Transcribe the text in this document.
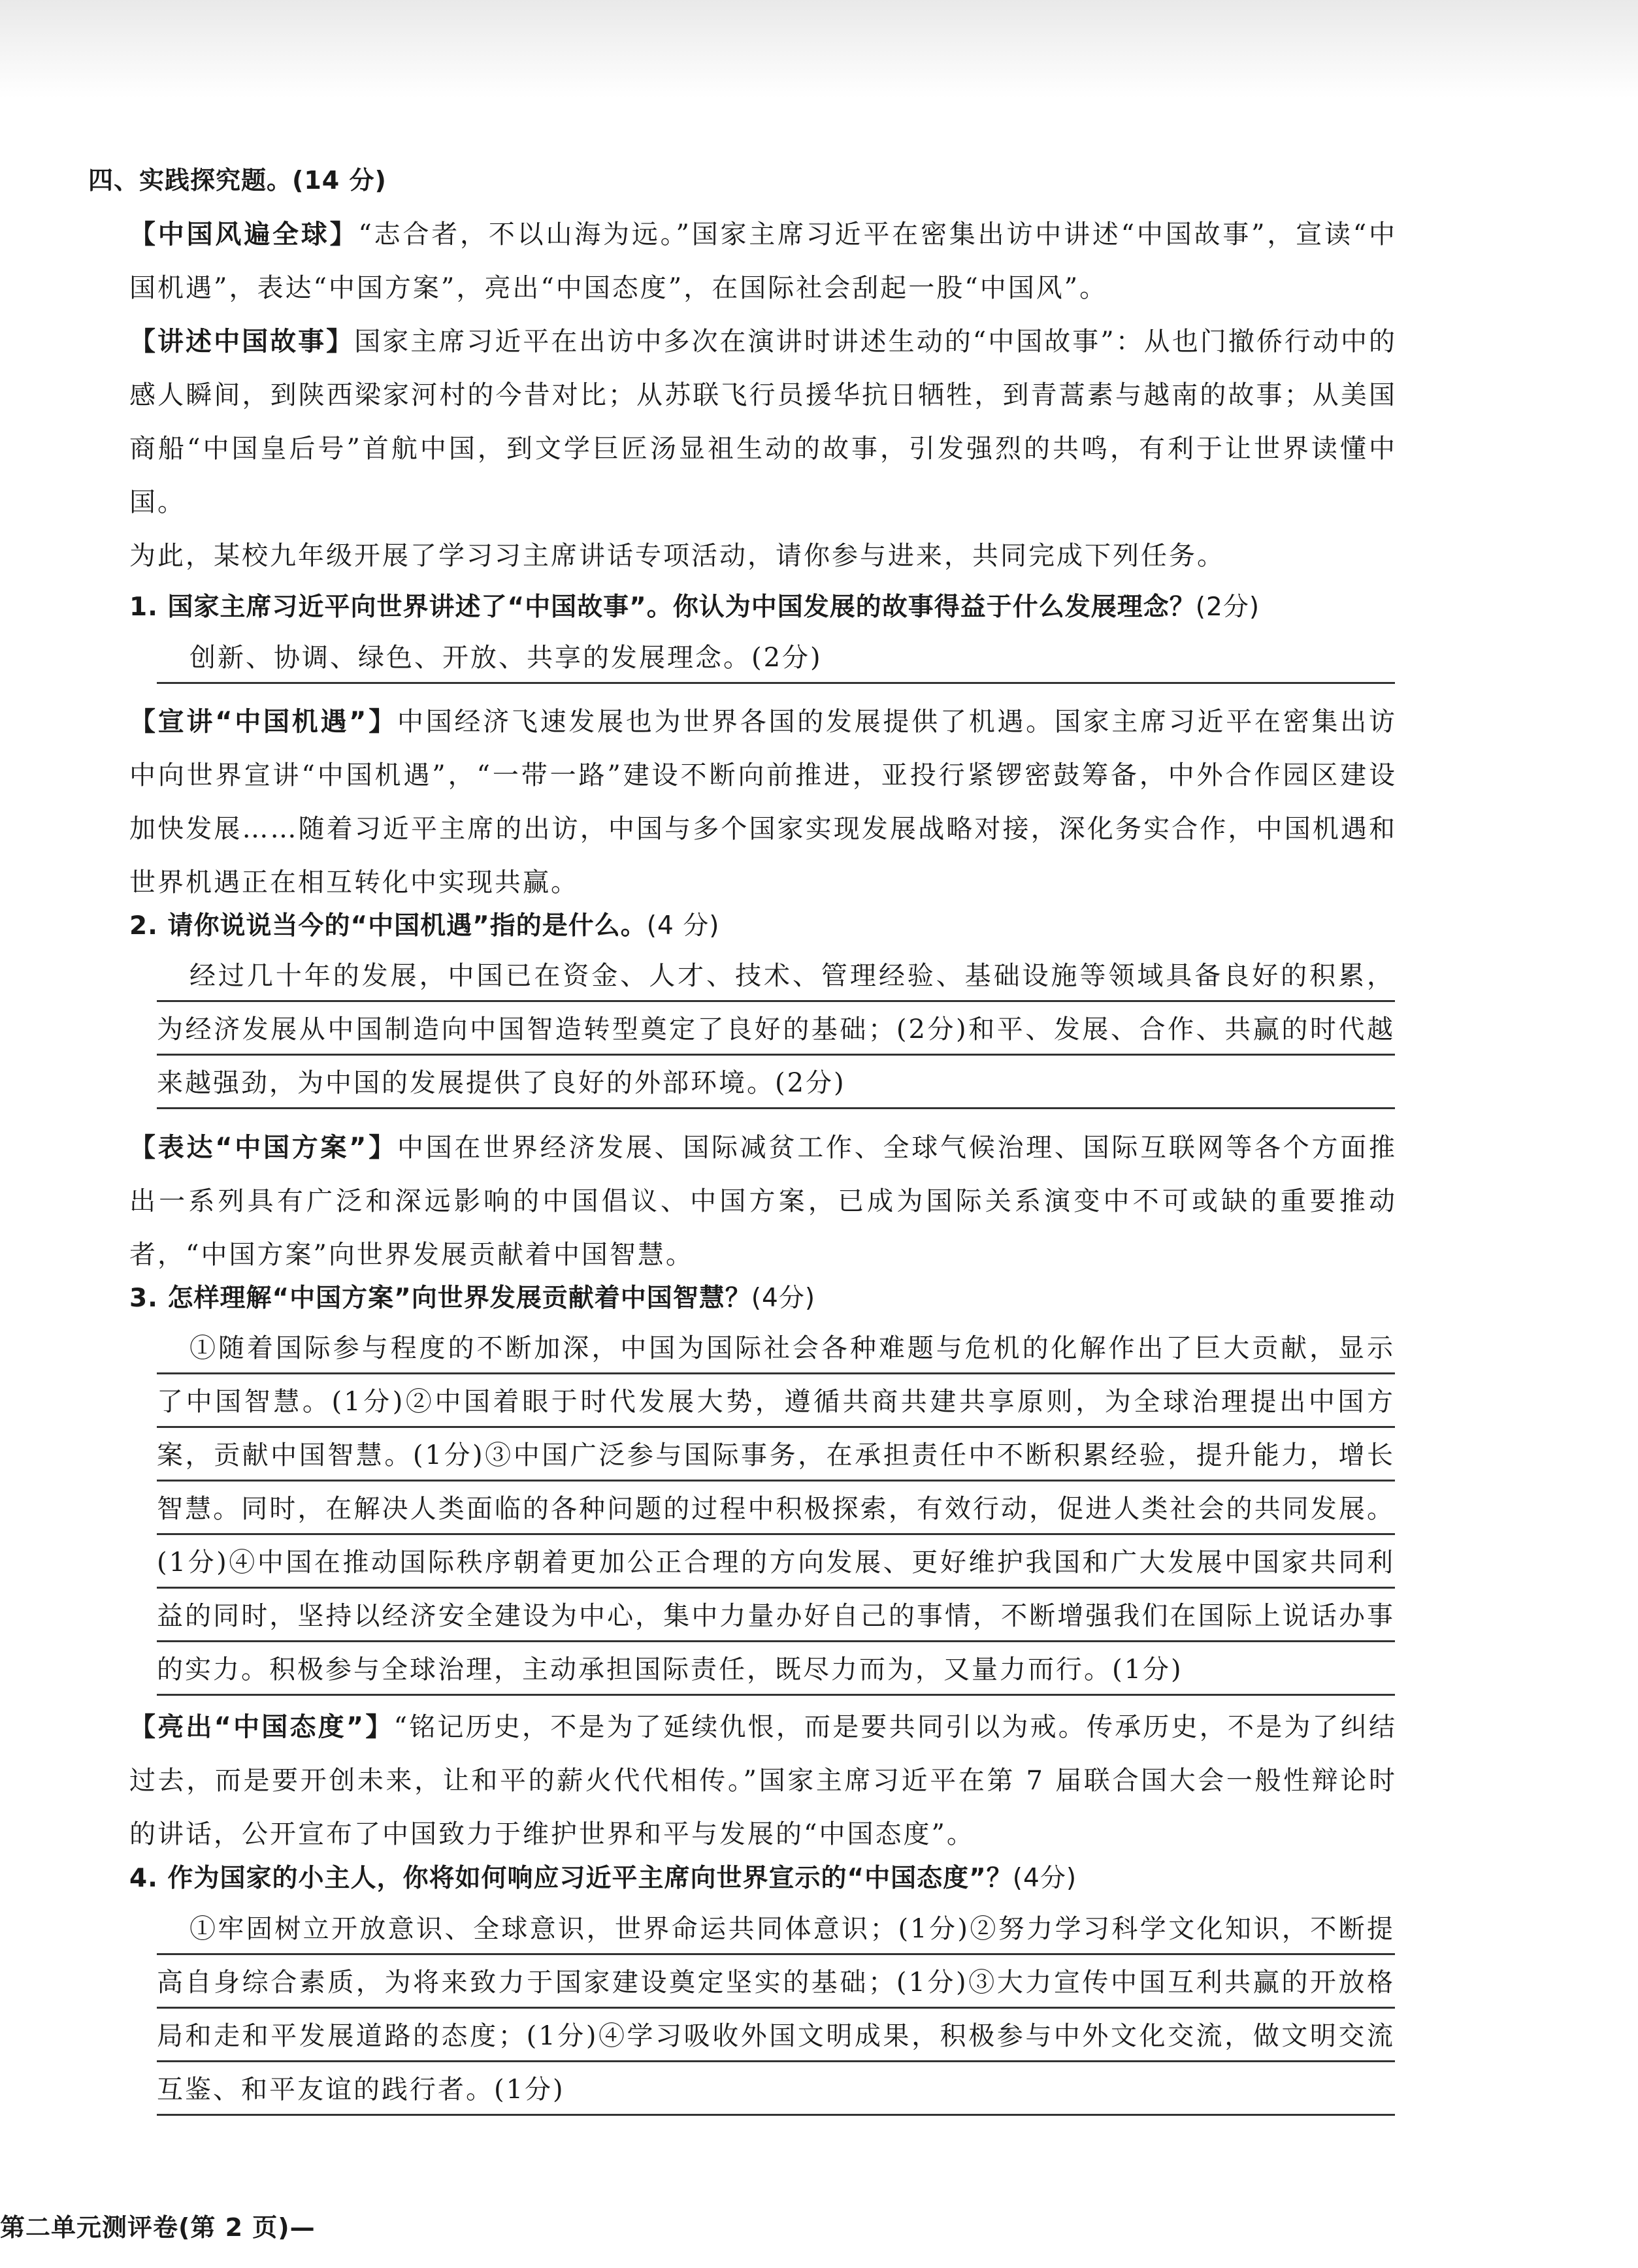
四、实践探究题。(14 分)

【中国风遍全球】“志合者，不以山海为远。”国家主席习近平在密集出访中讲述“中国故事”，宣读“中国机遇”，表达“中国方案”，亮出“中国态度”，在国际社会刮起一股“中国风”。

【讲述中国故事】国家主席习近平在出访中多次在演讲时讲述生动的“中国故事”：从也门撤侨行动中的感人瞬间，到陕西梁家河村的今昔对比；从苏联飞行员援华抗日牺牲，到青蒿素与越南的故事；从美国商船“中国皇后号”首航中国，到文学巨匠汤显祖生动的故事，引发强烈的共鸣，有利于让世界读懂中国。

为此，某校九年级开展了学习习主席讲话专项活动，请你参与进来，共同完成下列任务。

1. 国家主席习近平向世界讲述了“中国故事”。你认为中国发展的故事得益于什么发展理念？(2分)

创新、协调、绿色、开放、共享的发展理念。(2分)

【宣讲“中国机遇”】中国经济飞速发展也为世界各国的发展提供了机遇。国家主席习近平在密集出访中向世界宣讲“中国机遇”，“一带一路”建设不断向前推进，亚投行紧锣密鼓筹备，中外合作园区建设加快发展……随着习近平主席的出访，中国与多个国家实现发展战略对接，深化务实合作，中国机遇和世界机遇正在相互转化中实现共赢。

2. 请你说说当今的“中国机遇”指的是什么。(4 分)

经过几十年的发展，中国已在资金、人才、技术、管理经验、基础设施等领域具备良好的积累，为经济发展从中国制造向中国智造转型奠定了良好的基础；(2分)和平、发展、合作、共赢的时代越来越强劲，为中国的发展提供了良好的外部环境。(2分)

【表达“中国方案”】中国在世界经济发展、国际减贫工作、全球气候治理、国际互联网等各个方面推出一系列具有广泛和深远影响的中国倡议、中国方案，已成为国际关系演变中不可或缺的重要推动者，“中国方案”向世界发展贡献着中国智慧。

3. 怎样理解“中国方案”向世界发展贡献着中国智慧？(4分)

①随着国际参与程度的不断加深，中国为国际社会各种难题与危机的化解作出了巨大贡献，显示了中国智慧。(1分)②中国着眼于时代发展大势，遵循共商共建共享原则，为全球治理提出中国方案，贡献中国智慧。(1分)③中国广泛参与国际事务，在承担责任中不断积累经验，提升能力，增长智慧。同时，在解决人类面临的各种问题的过程中积极探索，有效行动，促进人类社会的共同发展。(1分)④中国在推动国际秩序朝着更加公正合理的方向发展、更好维护我国和广大发展中国家共同利益的同时，坚持以经济安全建设为中心，集中力量办好自己的事情，不断增强我们在国际上说话办事的实力。积极参与全球治理，主动承担国际责任，既尽力而为，又量力而行。(1分)

【亮出“中国态度”】“铭记历史，不是为了延续仇恨，而是要共同引以为戒。传承历史，不是为了纠结过去，而是要开创未来，让和平的薪火代代相传。”国家主席习近平在第 7 届联合国大会一般性辩论时的讲话，公开宣布了中国致力于维护世界和平与发展的“中国态度”。

4. 作为国家的小主人，你将如何响应习近平主席向世界宣示的“中国态度”？(4分)

①牢固树立开放意识、全球意识，世界命运共同体意识；(1分)②努力学习科学文化知识，不断提高自身综合素质，为将来致力于国家建设奠定坚实的基础；(1分)③大力宣传中国互利共赢的开放格局和走和平发展道路的态度；(1分)④学习吸收外国文明成果，积极参与中外文化交流，做文明交流互鉴、和平友谊的践行者。(1分)

第二单元测评卷(第 2 页)—
